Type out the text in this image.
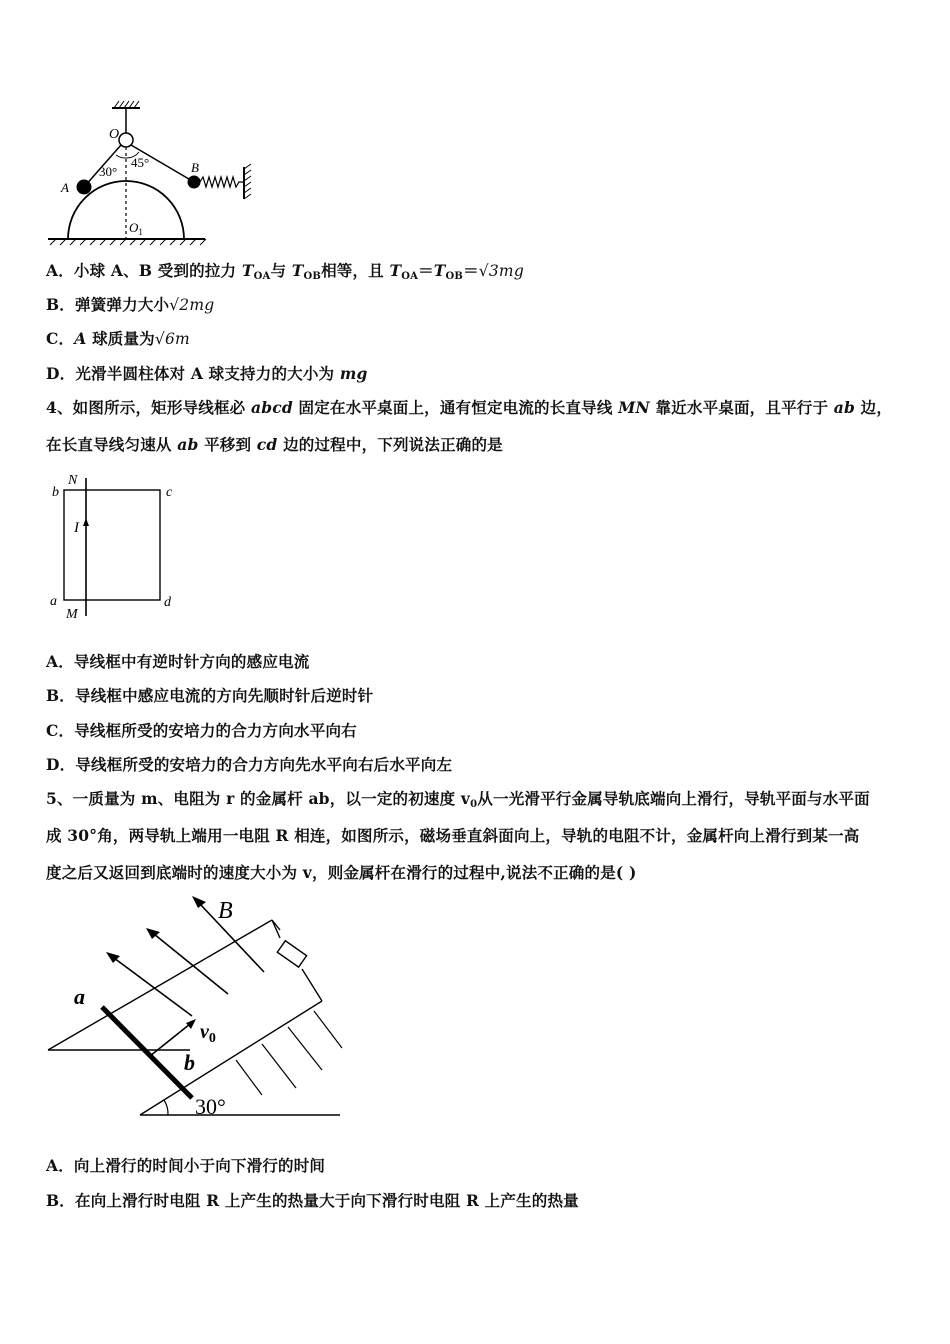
O
A
B
30°
45°
$O_1$
A．小球 A、B 受到的拉力 $T_{OA}$与 $T_{OB}$相等，且 $T_{OA}=T_{OB}=√3mg$
B．弹簧弹力大小√2mg
C．A 球质量为√6m
D．光滑半圆柱体对 A 球支持力的大小为 mg
4、如图所示，矩形导线框必 abcd 固定在水平桌面上，通有恒定电流的长直导线 MN 靠近水平桌面，且平行于 ab 边，
在长直导线匀速从 ab 平移到 cd 边的过程中，下列说法正确的是
b
N
c
I
a
M
d
A．导线框中有逆时针方向的感应电流
B．导线框中感应电流的方向先顺时针后逆时针
C．导线框所受的安培力的合力方向水平向右
D．导线框所受的安培力的合力方向先水平向右后水平向左
5、一质量为 m、电阻为 r 的金属杆 ab，以一定的初速度 $v_0$从一光滑平行金属导轨底端向上滑行，导轨平面与水平面
成 30°角，两导轨上端用一电阻 R 相连，如图所示，磁场垂直斜面向上，导轨的电阻不计，金属杆向上滑行到某一高
度之后又返回到底端时的速度大小为 v，则金属杆在滑行的过程中,说法不正确的是( )
B
a
$v_0$
b
30°
A．向上滑行的时间小于向下滑行的时间
B．在向上滑行时电阻 R 上产生的热量大于向下滑行时电阻 R 上产生的热量
